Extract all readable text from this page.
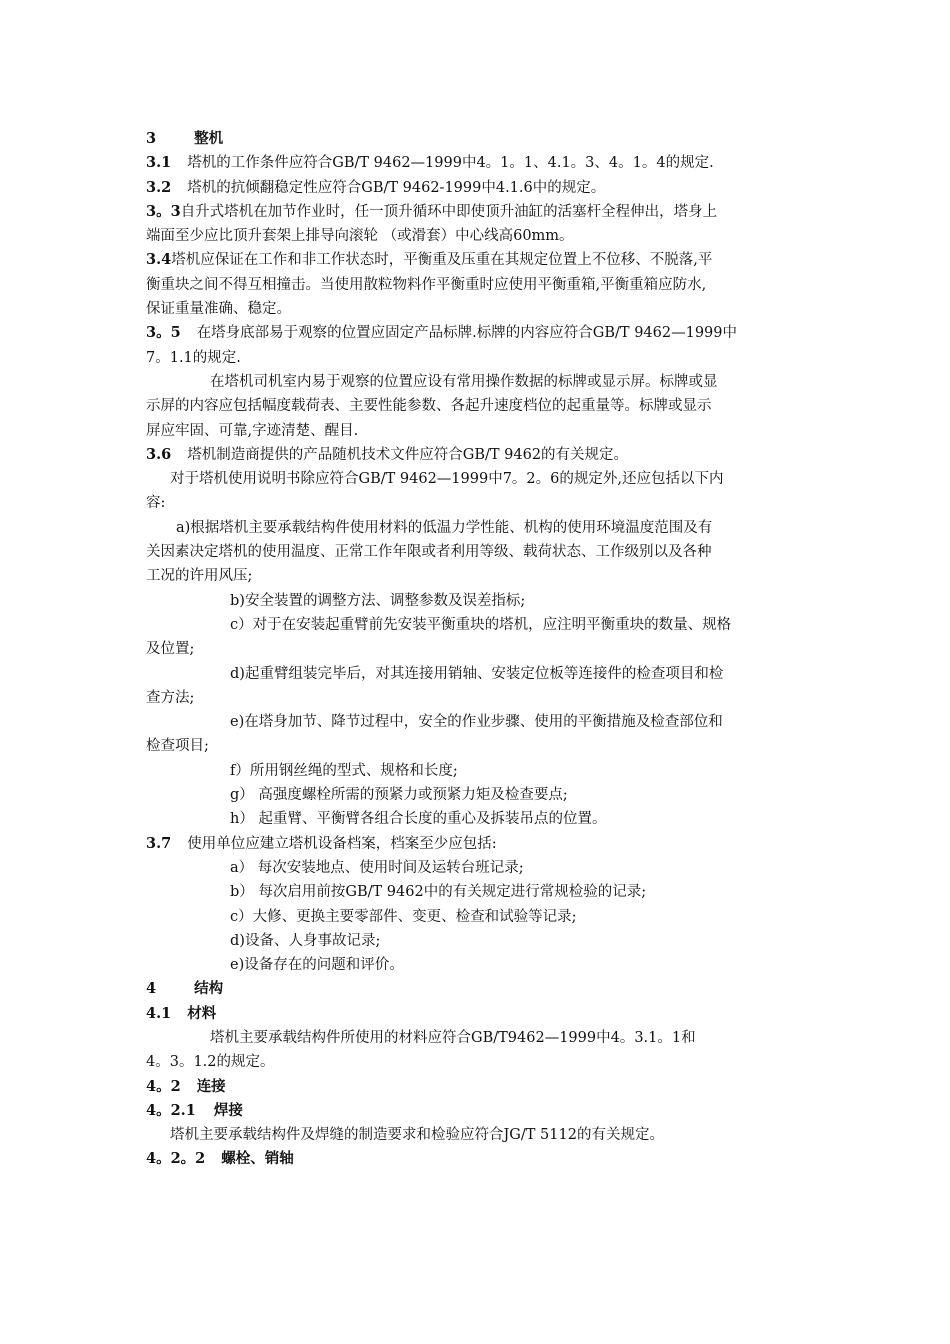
3	整机
3.1 塔机的工作条件应符合GB/T 9462—1999中4。1。1、4.1。3、4。1。4的规定.
3.2 塔机的抗倾翻稳定性应符合GB/T 9462-1999中4.1.6中的规定。
3。3自升式塔机在加节作业时，任一顶升循环中即使顶升油缸的活塞杆全程伸出，塔身上
端面至少应比顶升套架上排导向滚轮 （或滑套）中心线高60mm。
3.4塔机应保证在工作和非工作状态时，平衡重及压重在其规定位置上不位移、不脱落,平
衡重块之间不得互相撞击。当使用散粒物料作平衡重时应使用平衡重箱,平衡重箱应防水,
保证重量准确、稳定。
3。5 在塔身底部易于观察的位置应固定产品标牌.标牌的内容应符合GB/T 9462—1999中
7。1.1的规定.
在塔机司机室内易于观察的位置应设有常用操作数据的标牌或显示屏。标牌或显
示屏的内容应包括幅度载荷表、主要性能参数、各起升速度档位的起重量等。标牌或显示
屏应牢固、可靠,字迹清楚、醒目.
3.6 塔机制造商提供的产品随机技术文件应符合GB/T 9462的有关规定。
对于塔机使用说明书除应符合GB/T 9462—1999中7。2。6的规定外,还应包括以下内
容:
a)根据塔机主要承载结构件使用材料的低温力学性能、机构的使用环境温度范围及有
关因素决定塔机的使用温度、正常工作年限或者利用等级、载荷状态、工作级别以及各种
工况的许用风压;
b)安全装置的调整方法、调整参数及误差指标;
c）对于在安装起重臂前先安装平衡重块的塔机，应注明平衡重块的数量、规格
及位置;
d)起重臂组装完毕后，对其连接用销轴、安装定位板等连接件的检查项目和检
查方法;
e)在塔身加节、降节过程中，安全的作业步骤、使用的平衡措施及检查部位和
检查项目;
f）所用钢丝绳的型式、规格和长度;
g） 高强度螺栓所需的预紧力或预紧力矩及检查要点;
h） 起重臂、平衡臂各组合长度的重心及拆装吊点的位置。
3.7 使用单位应建立塔机设备档案，档案至少应包括:
a） 每次安装地点、使用时间及运转台班记录;
b） 每次启用前按GB/T 9462中的有关规定进行常规检验的记录;
c）大修、更换主要零部件、变更、检查和试验等记录;
d)设备、人身事故记录;
e)设备存在的问题和评价。
4	结构
4.1 材料
塔机主要承载结构件所使用的材料应符合GB/T9462—1999中4。3.1。1和
4。3。1.2的规定。
4。2 连接
4。2.1 焊接
塔机主要承载结构件及焊缝的制造要求和检验应符合JG/T 5112的有关规定。
4。2。2 螺栓、销轴
